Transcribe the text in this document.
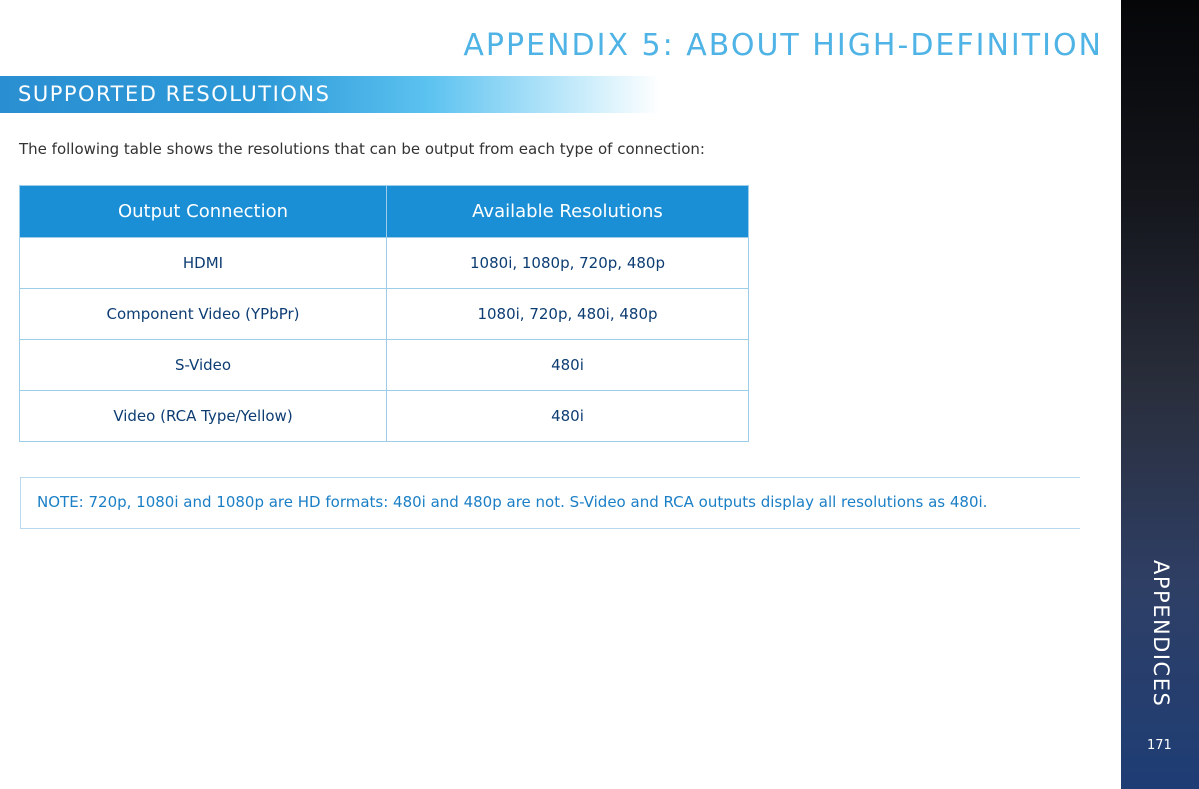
APPENDIX 5: ABOUT HIGH-DEFINITION
SUPPORTED RESOLUTIONS
The following table shows the resolutions that can be output from each type of connection:
Output Connection	Available Resolutions
HDMI	1080i, 1080p, 720p, 480p
Component Video (YPbPr)	1080i, 720p, 480i, 480p
S-Video	480i
Video (RCA Type/Yellow)	480i
NOTE: 720p, 1080i and 1080p are HD formats: 480i and 480p are not. S-Video and RCA outputs display all resolutions as 480i.
APPENDICES
171
